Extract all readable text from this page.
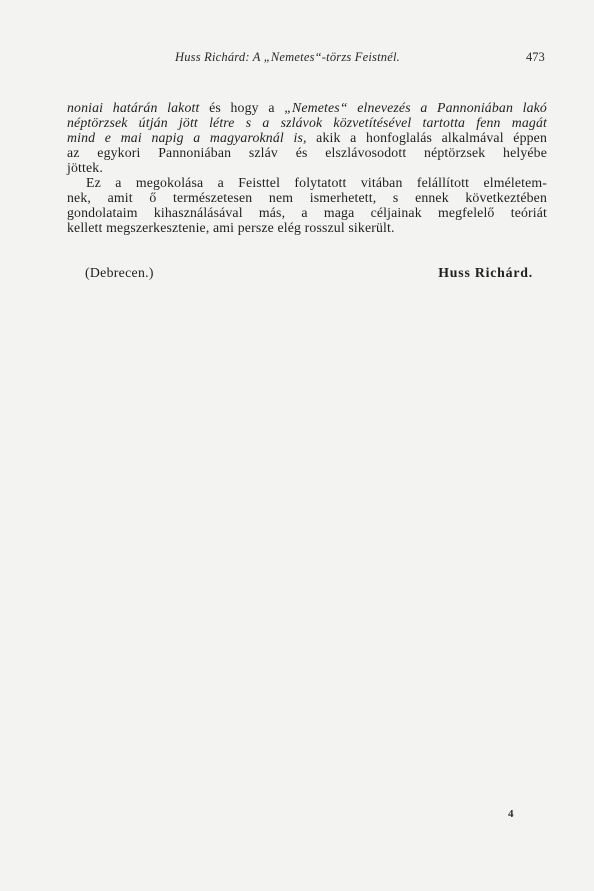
Huss Richárd: A „Nemetes“-törzs Feistnél.	473
noniai határán lakott és hogy a „Nemetes“ elnevezés a Pannoniában lakó
néptörzsek útján jött létre s a szlávok közvetítésével tartotta fenn magát
mind e mai napig a magyaroknál is, akik a honfoglalás alkalmával éppen
az egykori Pannoniában szláv és elszlávosodott néptörzsek helyébe
jöttek.
Ez a megokolása a Feisttel folytatott vitában felállított elméletem-
nek, amit ő természetesen nem ismerhetett, s ennek következtében
gondolataim kihasználásával más, a maga céljainak megfelelő teóriát
kellett megszerkesztenie, ami persze elég rosszul sikerült.
(Debrecen.)	Huss Richárd.
4
